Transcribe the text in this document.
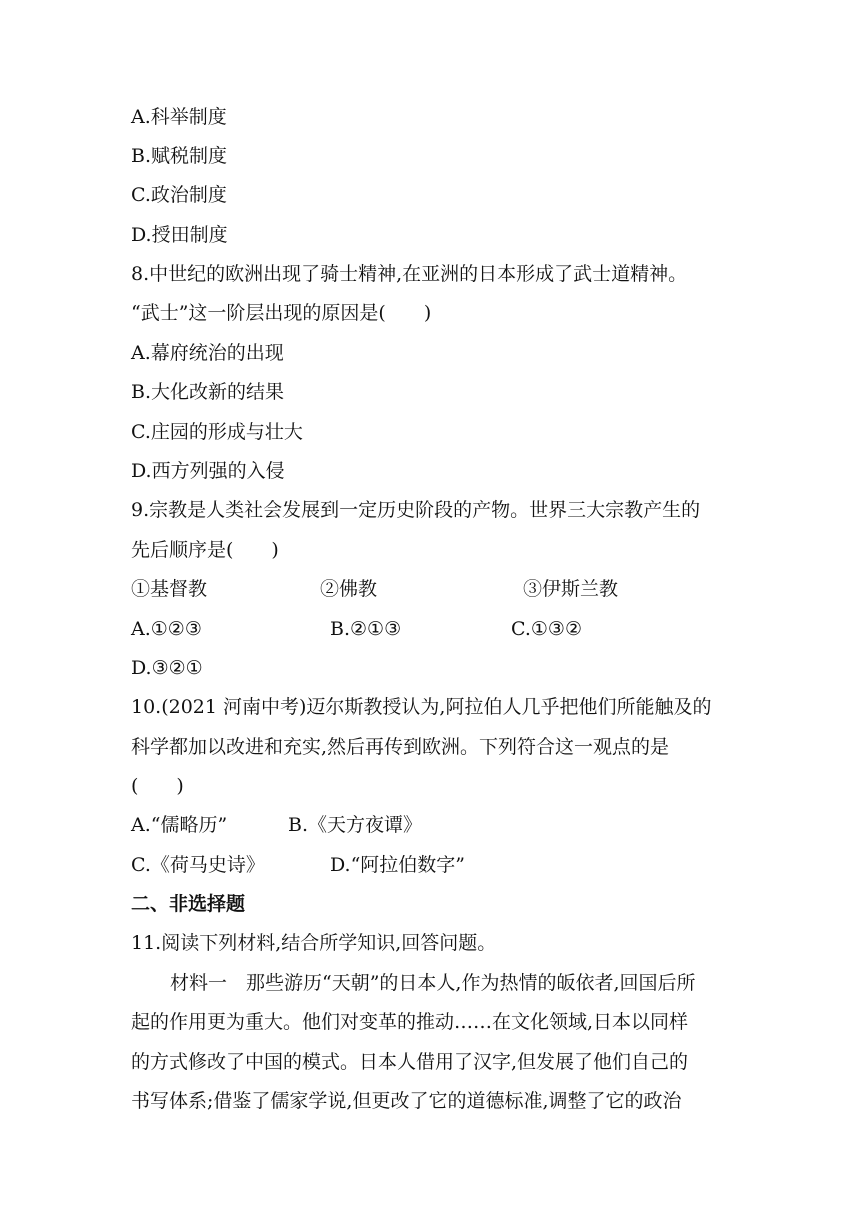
A.科举制度
B.赋税制度
C.政治制度
D.授田制度
8.中世纪的欧洲出现了骑士精神,在亚洲的日本形成了武士道精神。
“武士”这一阶层出现的原因是(　　)
A.幕府统治的出现
B.大化改新的结果
C.庄园的形成与壮大
D.西方列强的入侵
9.宗教是人类社会发展到一定历史阶段的产物。世界三大宗教产生的
先后顺序是(　　)
①基督教	②佛教	③伊斯兰教
A.①②③	B.②①③	C.①③②
D.③②①
10.(2021 河南中考)迈尔斯教授认为,阿拉伯人几乎把他们所能触及的
科学都加以改进和充实,然后再传到欧洲。下列符合这一观点的是
(　　)
A.“儒略历”	B.《天方夜谭》
C.《荷马史诗》	D.“阿拉伯数字”
二、非选择题
11.阅读下列材料,结合所学知识,回答问题。
材料一　那些游历“天朝”的日本人,作为热情的皈依者,回国后所
起的作用更为重大。他们对变革的推动……在文化领域,日本以同样
的方式修改了中国的模式。日本人借用了汉字,但发展了他们自己的
书写体系;借鉴了儒家学说,但更改了它的道德标准,调整了它的政治
